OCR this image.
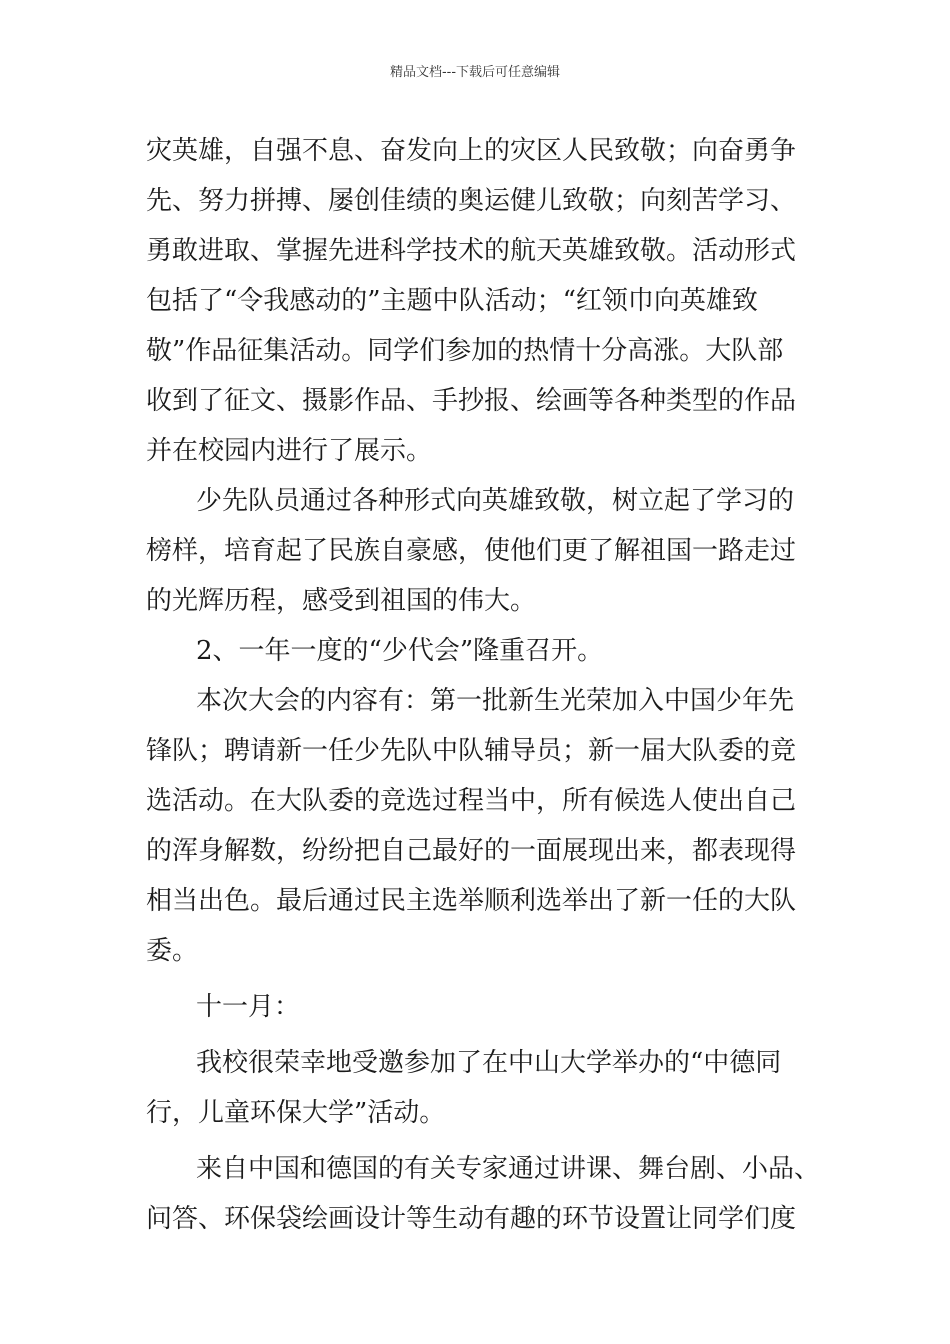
精品文档---下载后可任意编辑
灾英雄，自强不息、奋发向上的灾区人民致敬；向奋勇争
先、努力拼搏、屡创佳绩的奥运健儿致敬；向刻苦学习、
勇敢进取、掌握先进科学技术的航天英雄致敬。活动形式
包括了“令我感动的”主题中队活动；“红领巾向英雄致
敬”作品征集活动。同学们参加的热情十分高涨。大队部
收到了征文、摄影作品、手抄报、绘画等各种类型的作品
并在校园内进行了展示。
少先队员通过各种形式向英雄致敬，树立起了学习的
榜样，培育起了民族自豪感，使他们更了解祖国一路走过
的光辉历程，感受到祖国的伟大。
2、一年一度的“少代会”隆重召开。
本次大会的内容有：第一批新生光荣加入中国少年先
锋队；聘请新一任少先队中队辅导员；新一届大队委的竞
选活动。在大队委的竞选过程当中，所有候选人使出自己
的浑身解数，纷纷把自己最好的一面展现出来，都表现得
相当出色。最后通过民主选举顺利选举出了新一任的大队
委。
十一月：
我校很荣幸地受邀参加了在中山大学举办的“中德同
行，儿童环保大学”活动。
来自中国和德国的有关专家通过讲课、舞台剧、小品、
问答、环保袋绘画设计等生动有趣的环节设置让同学们度
